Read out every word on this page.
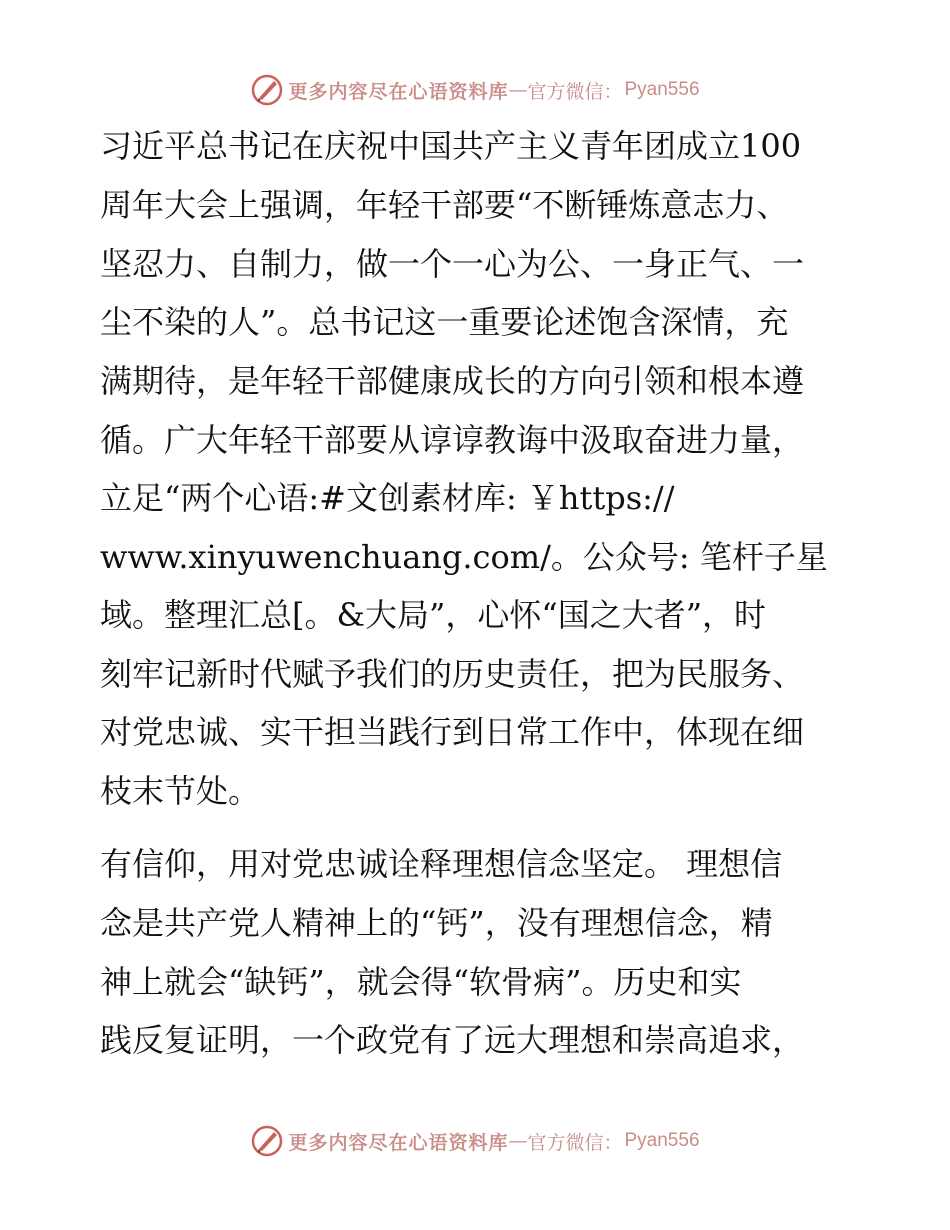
更多内容尽在心语资料库 — 官方微信： Pyan556
习近平总书记在庆祝中国共产主义青年团成立100
周年大会上强调，年轻干部要“不断锤炼意志力、
坚忍力、自制力，做一个一心为公、一身正气、一
尘不染的人”。总书记这一重要论述饱含深情，充
满期待，是年轻干部健康成长的方向引领和根本遵
循。广大年轻干部要从谆谆教诲中汲取奋进力量，
立足“两个心语:#文创素材库: ￥https://
www.xinyuwenchuang.com/。公众号: 笔杆子星
域。整理汇总[。&大局”，心怀“国之大者”，时
刻牢记新时代赋予我们的历史责任，把为民服务、
对党忠诚、实干担当践行到日常工作中，体现在细
枝末节处。
有信仰，用对党忠诚诠释理想信念坚定。 理想信
念是共产党人精神上的“钙”，没有理想信念，精
神上就会“缺钙”，就会得“软骨病”。历史和实
践反复证明，一个政党有了远大理想和崇高追求，
更多内容尽在心语资料库 — 官方微信： Pyan556
